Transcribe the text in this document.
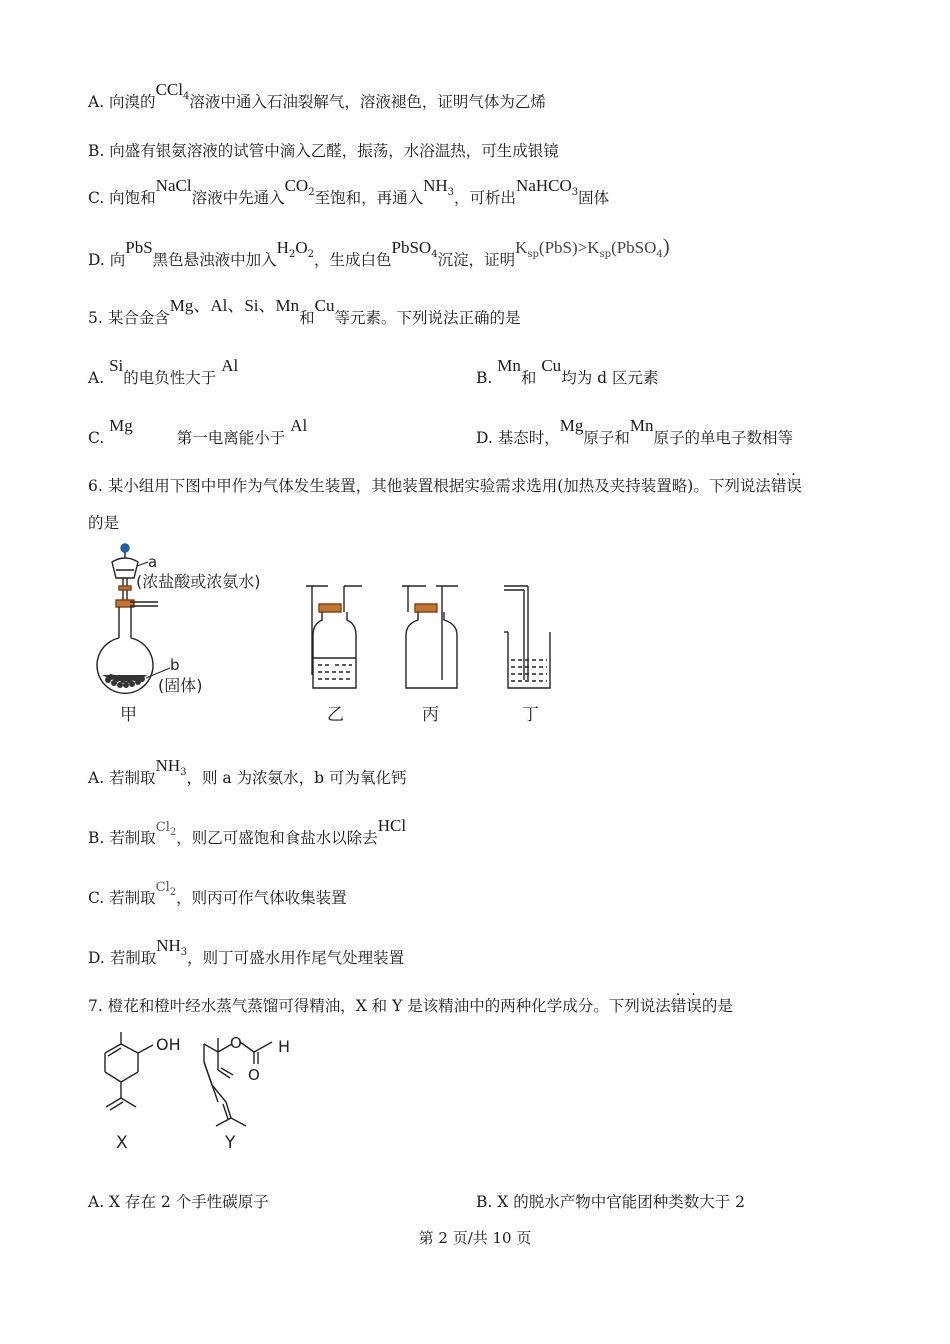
A. 向溴的CCl$_4$溶液中通入石油裂解气，溶液褪色，证明气体为乙烯
B. 向盛有银氨溶液的试管中滴入乙醛，振荡，水浴温热，可生成银镜
C. 向饱和NaCl溶液中先通入$CO_2$至饱和，再通入$NH_3$，可析出NaHCO$_3$固体
D. 向PbS黑色悬浊液中加入$H_2O_2$，生成白色PbSO$_4$沉淀，证明$K_{sp}(PbS)>K_{sp}(PbSO_4)$
5. 某合金含Mg、Al、Si、Mn和Cu等元素。下列说法正确的是
A. Si的电负性大于 Al
B. Mn和 Cu均为 d 区元素
C. Mg第一电离能小于 Al
D. 基态时，Mg原子和Mn原子的单电子数相等
6. 某小组用下图中甲作为气体发生装置，其他装置根据实验需求选用(加热及夹持装置略)。下列说法错误
的是
a
(浓盐酸或浓氨水)
b
(固体)
甲	乙	丙	丁
A. 若制取$NH_3$，则 a 为浓氨水，b 可为氧化钙
B. 若制取$Cl_2$，则乙可盛饱和食盐水以除去HCl
C. 若制取$Cl_2$，则丙可作气体收集装置
D. 若制取$NH_3$，则丁可盛水用作尾气处理装置
7. 橙花和橙叶经水蒸气蒸馏可得精油，X 和 Y 是该精油中的两种化学成分。下列说法错误的是
OH
X
O H
O
Y
A. X 存在 2 个手性碳原子	B. X 的脱水产物中官能团种类数大于 2
第 2 页/共 10 页
